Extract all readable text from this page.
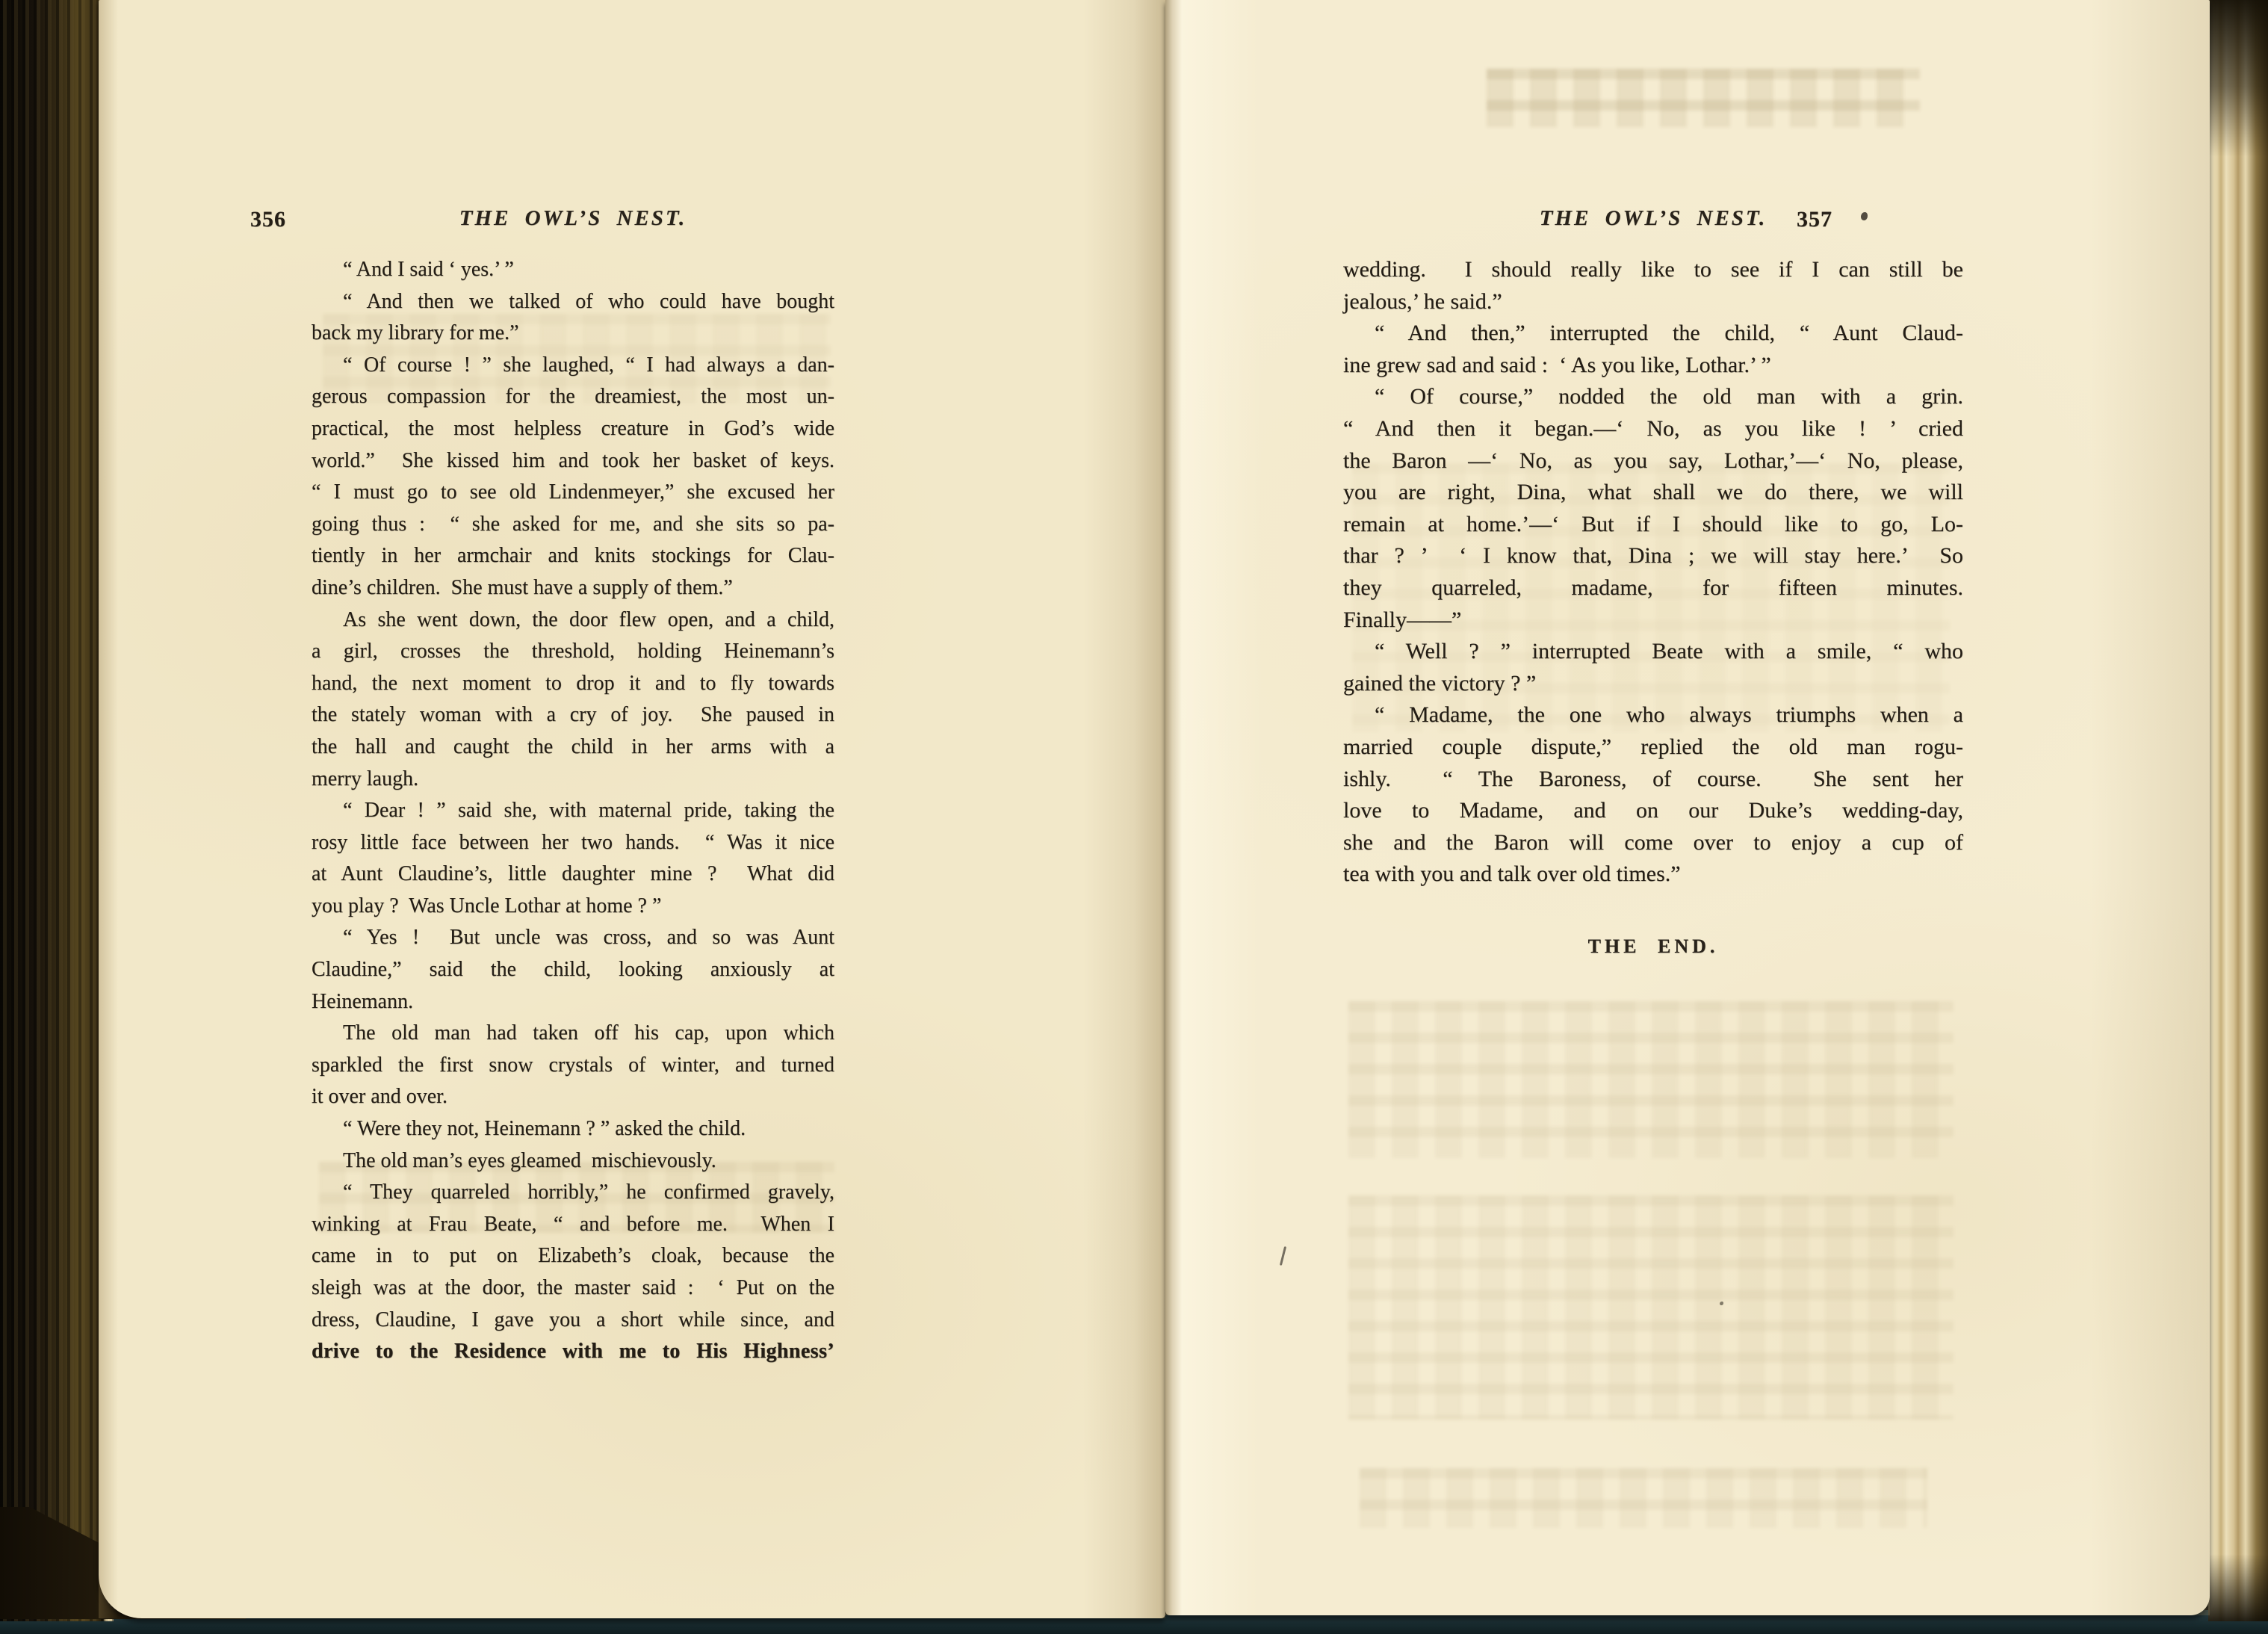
356	THE OWL’S NEST.
“ And I said ‘ yes.’ ”
“ And then we talked of who could have bought
back my library for me.”
“ Of course ! ” she laughed, “ I had always a dan-
gerous compassion for the dreamiest, the most un-
practical, the most helpless creature in God’s wide
world.”  She kissed him and took her basket of keys.
“ I must go to see old Lindenmeyer,” she excused her
going thus :  “ she asked for me, and she sits so pa-
tiently in her armchair and knits stockings for Clau-
dine’s children.  She must have a supply of them.”
As she went down, the door flew open, and a child,
a girl, crosses the threshold, holding Heinemann’s
hand, the next moment to drop it and to fly towards
the stately woman with a cry of joy.  She paused in
the hall and caught the child in her arms with a
merry laugh.
“ Dear ! ” said she, with maternal pride, taking the
rosy little face between her two hands.  “ Was it nice
at Aunt Claudine’s, little daughter mine ?  What did
you play ?  Was Uncle Lothar at home ? ”
“ Yes !  But uncle was cross, and so was Aunt
Claudine,” said the child, looking anxiously at
Heinemann.
The old man had taken off his cap, upon which
sparkled the first snow crystals of winter, and turned
it over and over.
“ Were they not, Heinemann ? ” asked the child.
The old man’s eyes gleamed  mischievously.
“ They quarreled horribly,” he confirmed gravely,
winking at Frau Beate, “ and before me.  When I
came in to put on Elizabeth’s cloak, because the
sleigh was at the door, the master said :  ‘ Put on the
dress, Claudine, I gave you a short while since, and
drive to the Residence with me to His Highness’
THE OWL’S NEST.	357
wedding.  I should really like to see if I can still be
jealous,’ he said.”
“ And then,” interrupted the child, “ Aunt Claud-
ine grew sad and said :  ‘ As you like, Lothar.’ ”
“ Of course,” nodded the old man with a grin.
“ And then it began.—‘ No, as you like ! ’ cried
the Baron —‘ No, as you say, Lothar,’—‘ No, please,
you are right, Dina, what shall we do there, we will
remain at home.’—‘ But if I should like to go, Lo-
thar ? ’  ‘ I know that, Dina ; we will stay here.’  So
they quarreled, madame, for fifteen minutes.
Finally——”
“ Well ? ” interrupted Beate with a smile, “ who
gained the victory ? ”
“ Madame, the one who always triumphs when a
married couple dispute,” replied the old man rogu-
ishly.  “ The Baroness, of course.  She sent her
love to Madame, and on our Duke’s wedding-day,
she and the Baron will come over to enjoy a cup of
tea with you and talk over old times.”
THE END.
